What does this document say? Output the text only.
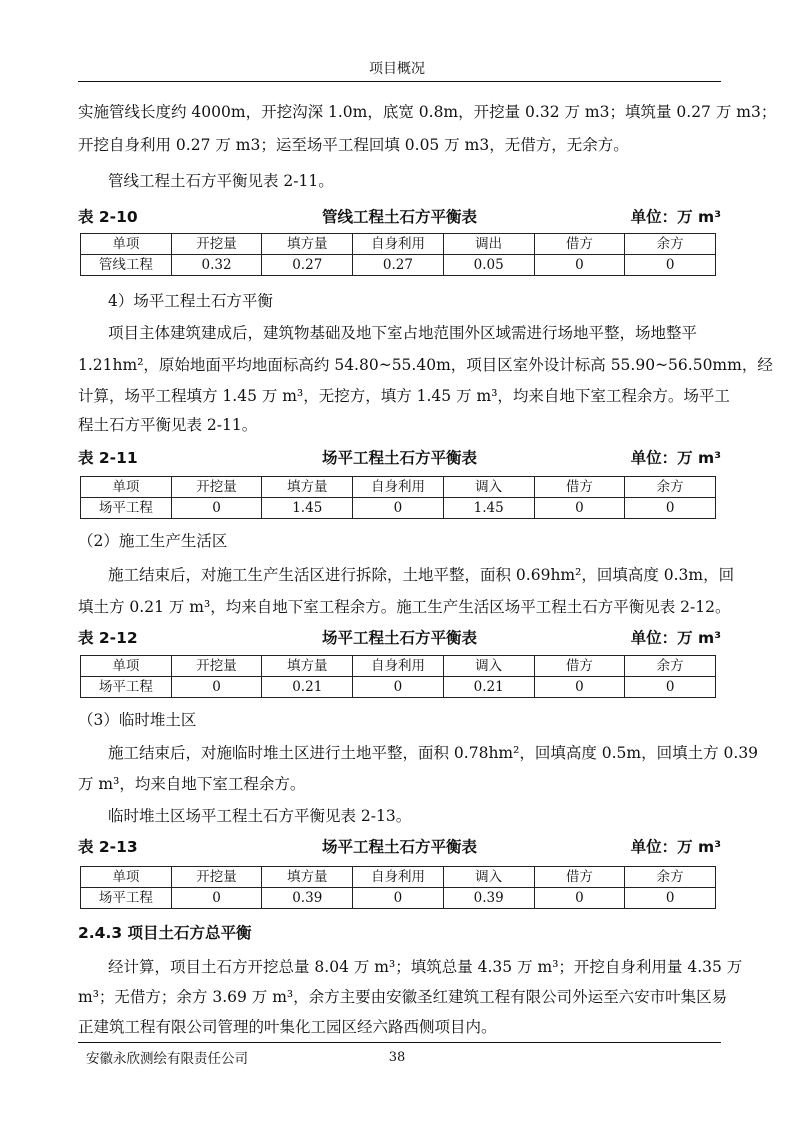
项目概况
实施管线长度约 4000m，开挖沟深 1.0m，底宽 0.8m，开挖量 0.32 万 m3；填筑量 0.27 万 m3；
开挖自身利用 0.27 万 m3；运至场平工程回填 0.05 万 m3，无借方，无余方。
管线工程土石方平衡见表 2-11。
表 2-10	管线工程土石方平衡表	单位：万 m³
单项	开挖量	填方量	自身利用	调出	借方	余方
管线工程	0.32	0.27	0.27	0.05	0	0
4）场平工程土石方平衡
项目主体建筑建成后，建筑物基础及地下室占地范围外区域需进行场地平整，场地整平
1.21hm²，原始地面平均地面标高约 54.80~55.40m，项目区室外设计标高 55.90~56.50mm，经
计算，场平工程填方 1.45 万 m³，无挖方，填方 1.45 万 m³，均来自地下室工程余方。场平工
程土石方平衡见表 2-11。
表 2-11	场平工程土石方平衡表	单位：万 m³
单项	开挖量	填方量	自身利用	调入	借方	余方
场平工程	0	1.45	0	1.45	0	0
（2）施工生产生活区
施工结束后，对施工生产生活区进行拆除，土地平整，面积 0.69hm²，回填高度 0.3m，回
填土方 0.21 万 m³，均来自地下室工程余方。施工生产生活区场平工程土石方平衡见表 2-12。
表 2-12	场平工程土石方平衡表	单位：万 m³
单项	开挖量	填方量	自身利用	调入	借方	余方
场平工程	0	0.21	0	0.21	0	0
（3）临时堆土区
施工结束后，对施临时堆土区进行土地平整，面积 0.78hm²，回填高度 0.5m，回填土方 0.39
万 m³，均来自地下室工程余方。
临时堆土区场平工程土石方平衡见表 2-13。
表 2-13	场平工程土石方平衡表	单位：万 m³
单项	开挖量	填方量	自身利用	调入	借方	余方
场平工程	0	0.39	0	0.39	0	0
2.4.3 项目土石方总平衡
经计算，项目土石方开挖总量 8.04 万 m³；填筑总量 4.35 万 m³；开挖自身利用量 4.35 万
m³；无借方；余方 3.69 万 m³，余方主要由安徽圣红建筑工程有限公司外运至六安市叶集区易
正建筑工程有限公司管理的叶集化工园区经六路西侧项目内。
安徽永欣测绘有限责任公司	38
